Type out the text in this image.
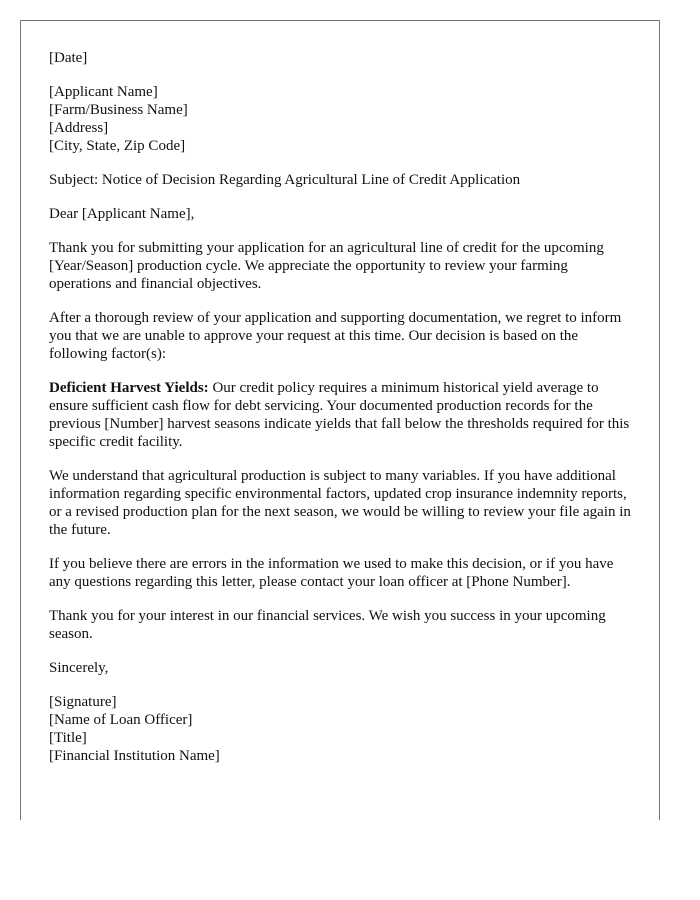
[Date]

[Applicant Name]
[Farm/Business Name]
[Address]
[City, State, Zip Code]

Subject: Notice of Decision Regarding Agricultural Line of Credit Application

Dear [Applicant Name],

Thank you for submitting your application for an agricultural line of credit for the upcoming [Year/Season] production cycle. We appreciate the opportunity to review your farming operations and financial objectives.

After a thorough review of your application and supporting documentation, we regret to inform you that we are unable to approve your request at this time. Our decision is based on the following factor(s):

Deficient Harvest Yields: Our credit policy requires a minimum historical yield average to ensure sufficient cash flow for debt servicing. Your documented production records for the previous [Number] harvest seasons indicate yields that fall below the thresholds required for this specific credit facility.

We understand that agricultural production is subject to many variables. If you have additional information regarding specific environmental factors, updated crop insurance indemnity reports, or a revised production plan for the next season, we would be willing to review your file again in the future.

If you believe there are errors in the information we used to make this decision, or if you have any questions regarding this letter, please contact your loan officer at [Phone Number].

Thank you for your interest in our financial services. We wish you success in your upcoming season.

Sincerely,

[Signature]
[Name of Loan Officer]
[Title]
[Financial Institution Name]
